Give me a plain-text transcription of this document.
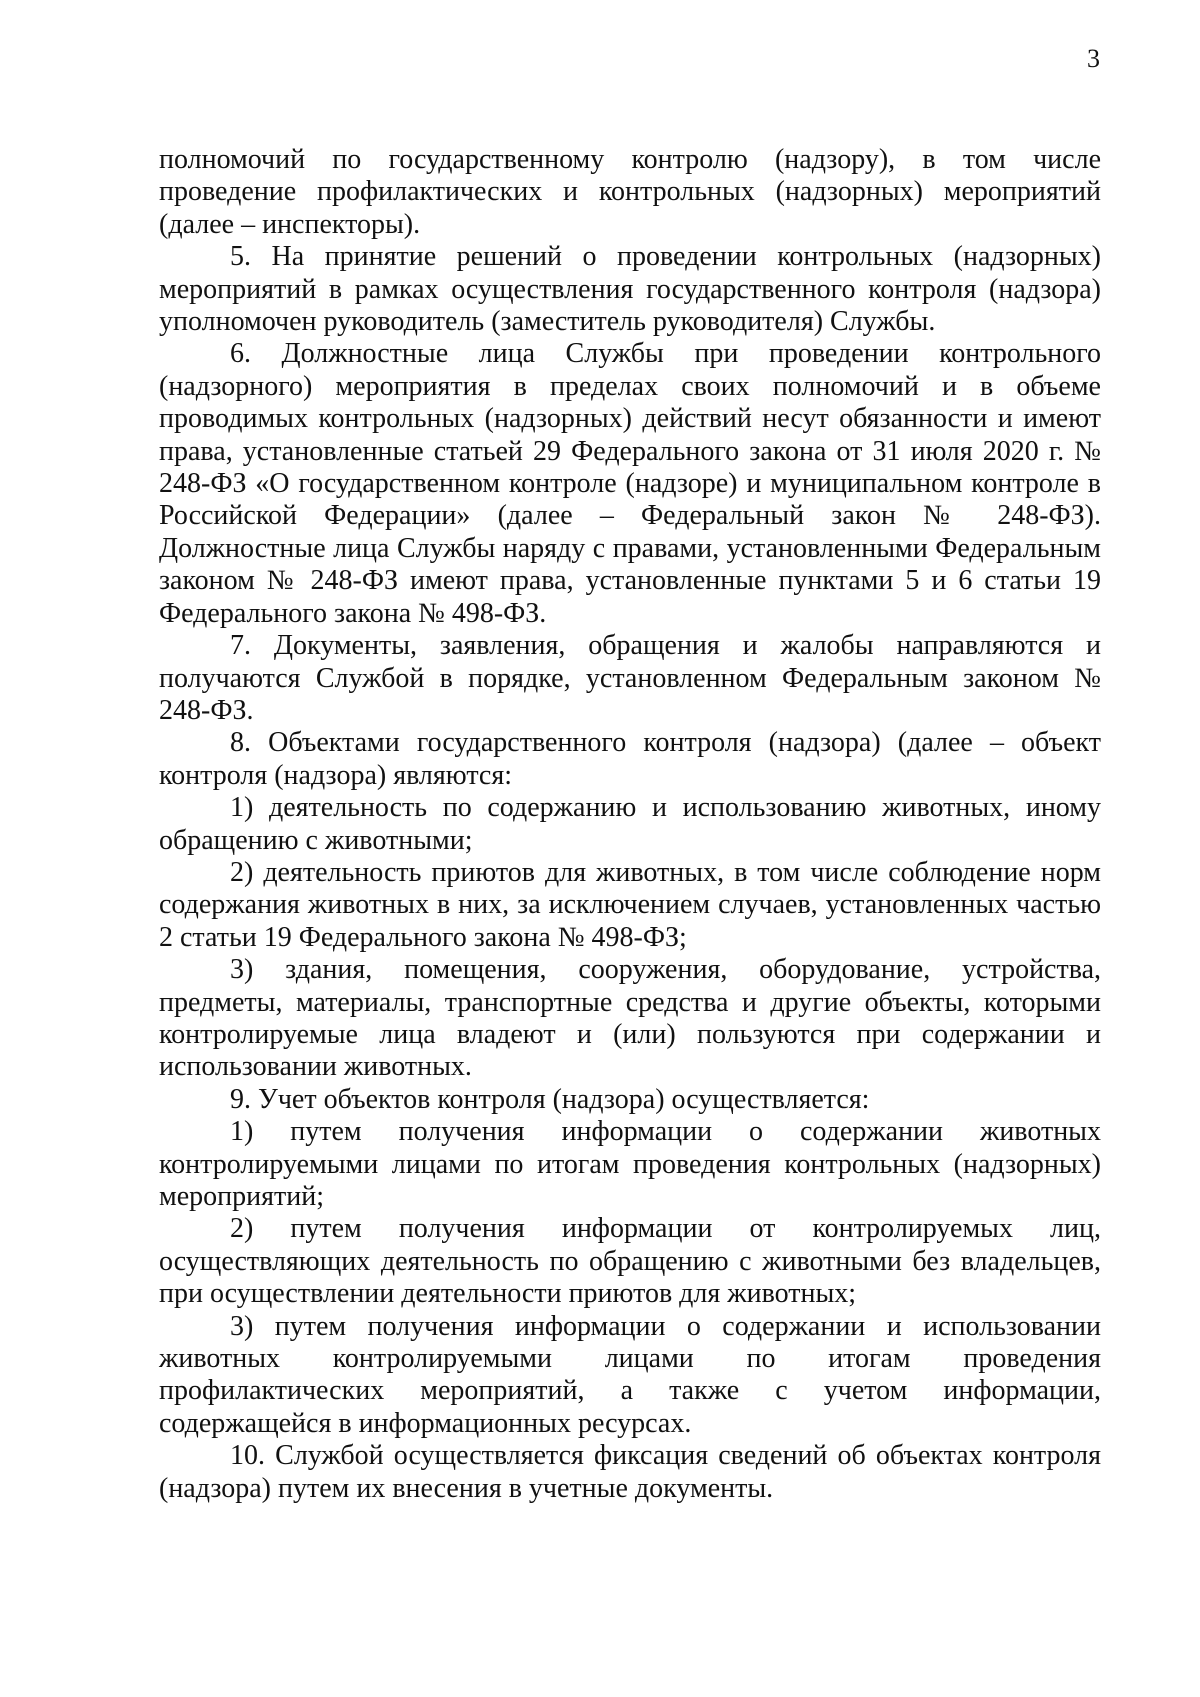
3

полномочий по государственному контролю (надзору), в том числе проведение профилактических и контрольных (надзорных) мероприятий (далее – инспекторы).

5. На принятие решений о проведении контрольных (надзорных) мероприятий в рамках осуществления государственного контроля (надзора) уполномочен руководитель (заместитель руководителя) Службы.

6. Должностные лица Службы при проведении контрольного (надзорного) мероприятия в пределах своих полномочий и в объеме проводимых контрольных (надзорных) действий несут обязанности и имеют права, установленные статьей 29 Федерального закона от 31 июля 2020 г. № 248-ФЗ «О государственном контроле (надзоре) и муниципальном контроле в Российской Федерации» (далее – Федеральный закон № 248-ФЗ). Должностные лица Службы наряду с правами, установленными Федеральным законом № 248-ФЗ имеют права, установленные пунктами 5 и 6 статьи 19 Федерального закона № 498-ФЗ.

7. Документы, заявления, обращения и жалобы направляются и получаются Службой в порядке, установленном Федеральным законом № 248-ФЗ.

8. Объектами государственного контроля (надзора) (далее – объект контроля (надзора) являются:

1) деятельность по содержанию и использованию животных, иному обращению с животными;

2) деятельность приютов для животных, в том числе соблюдение норм содержания животных в них, за исключением случаев, установленных частью 2 статьи 19 Федерального закона № 498-ФЗ;

3) здания, помещения, сооружения, оборудование, устройства, предметы, материалы, транспортные средства и другие объекты, которыми контролируемые лица владеют и (или) пользуются при содержании и использовании животных.

9. Учет объектов контроля (надзора) осуществляется:

1) путем получения информации о содержании животных контролируемыми лицами по итогам проведения контрольных (надзорных) мероприятий;

2) путем получения информации от контролируемых лиц, осуществляющих деятельность по обращению с животными без владельцев, при осуществлении деятельности приютов для животных;

3) путем получения информации о содержании и использовании животных контролируемыми лицами по итогам проведения профилактических мероприятий, а также с учетом информации, содержащейся в информационных ресурсах.

10. Службой осуществляется фиксация сведений об объектах контроля (надзора) путем их внесения в учетные документы.
